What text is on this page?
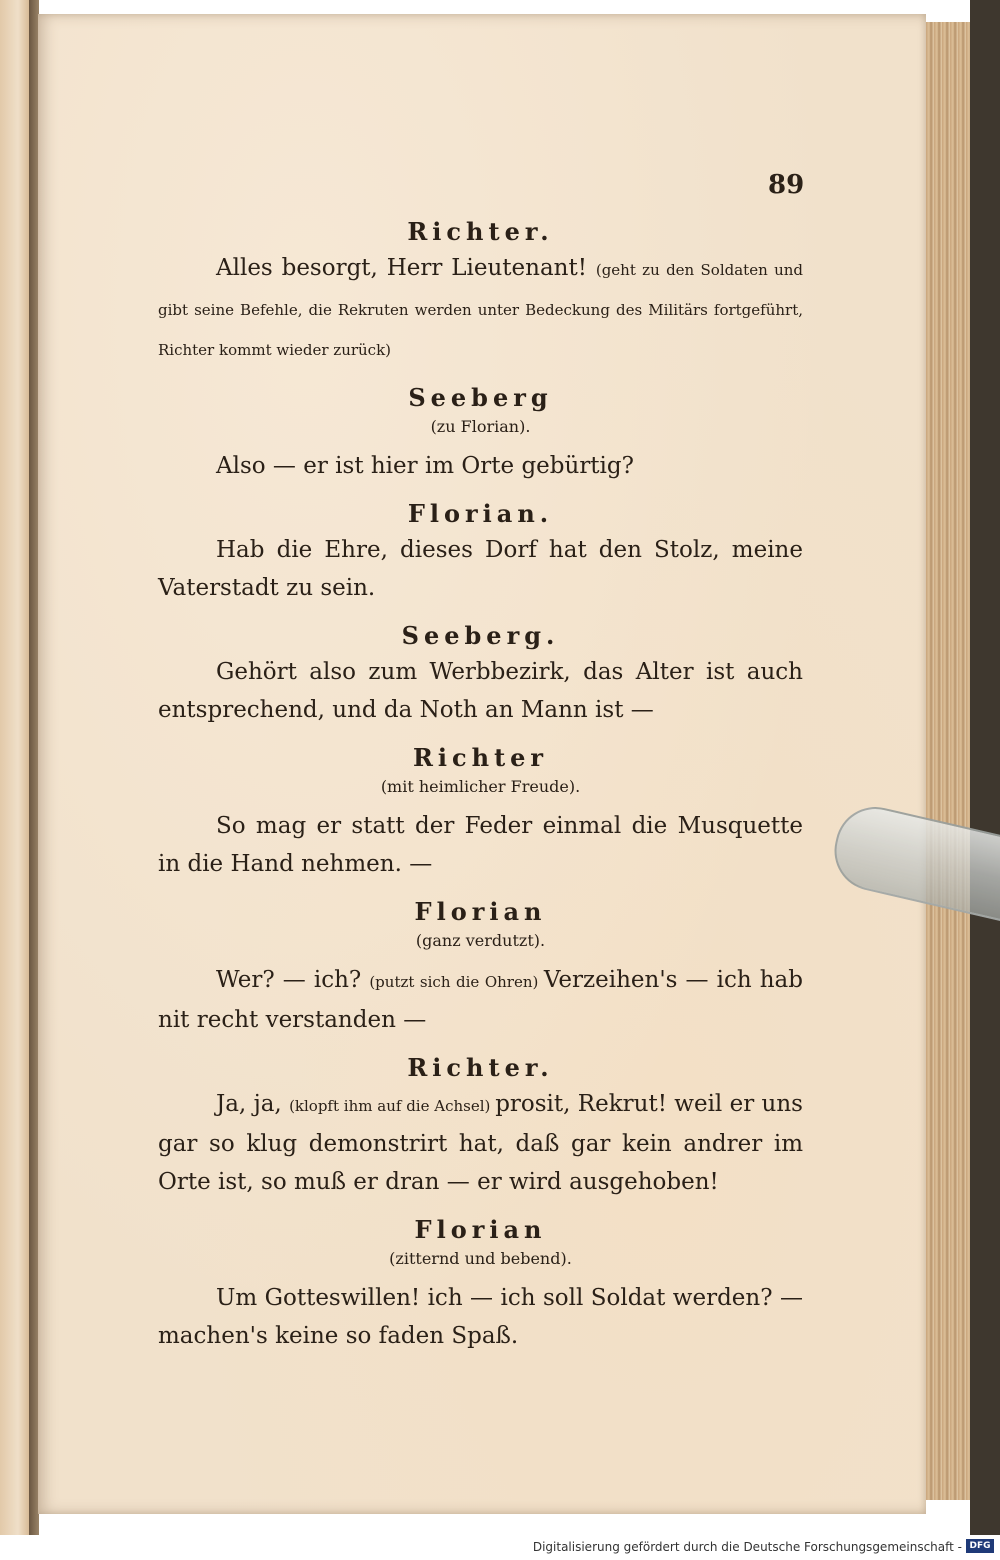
89

Richter.

Alles besorgt, Herr Lieutenant! (geht zu den Soldaten und gibt seine Befehle, die Rekruten werden unter Bedeckung des Militärs fortgeführt, Richter kommt wieder zurück)

Seeberg

(zu Florian).

Also — er ist hier im Orte gebürtig?

Florian.

Hab die Ehre, dieses Dorf hat den Stolz, meine Vaterstadt zu sein.

Seeberg.

Gehört also zum Werbbezirk, das Alter ist auch entsprechend, und da Noth an Mann ist —

Richter

(mit heimlicher Freude).

So mag er statt der Feder einmal die Musquette in die Hand nehmen. —

Florian

(ganz verdutzt).

Wer? — ich? (putzt sich die Ohren) Verzeihen's — ich hab nit recht verstanden —

Richter.

Ja, ja, (klopft ihm auf die Achsel) prosit, Rekrut! weil er uns gar so klug demonstrirt hat, daß gar kein andrer im Orte ist, so muß er dran — er wird ausgehoben!

Florian

(zitternd und bebend).

Um Gotteswillen! ich — ich soll Soldat werden? — machen's keine so faden Spaß.

Digitalisierung gefördert durch die Deutsche Forschungsgemeinschaft - DFG
